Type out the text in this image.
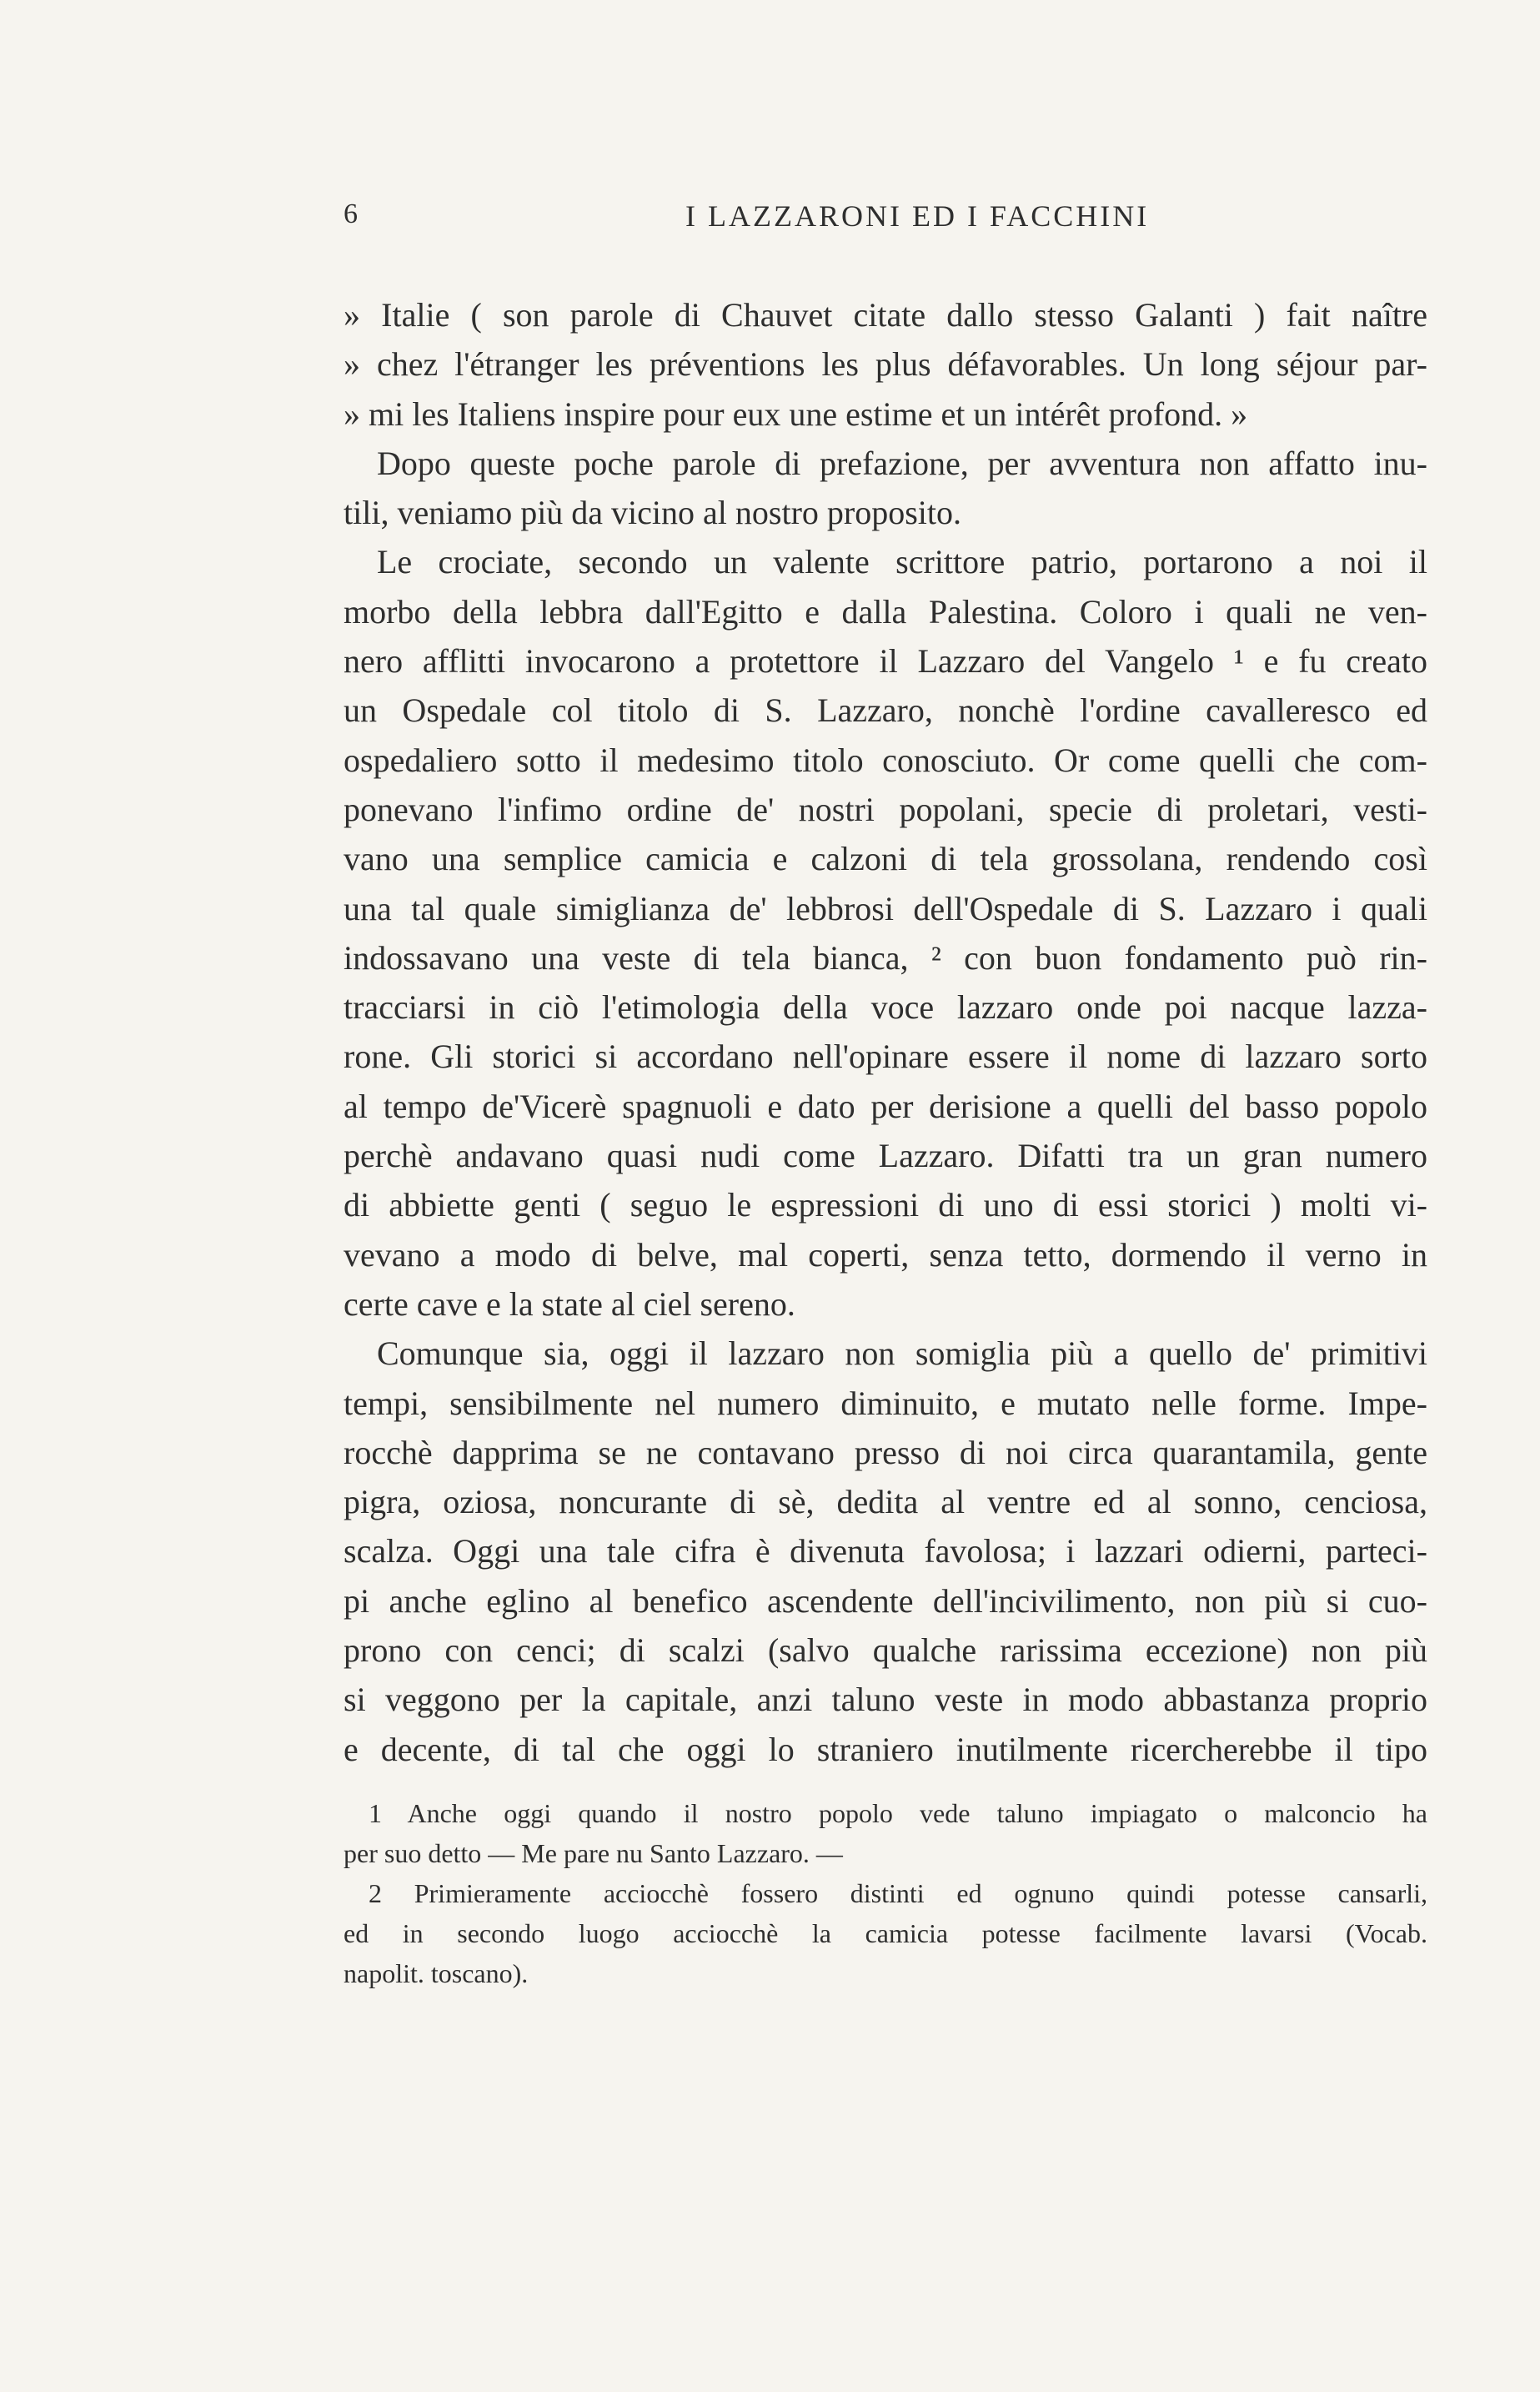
6	I LAZZARONI ED I FACCHINI
» Italie ( son parole di Chauvet citate dallo stesso Galanti ) fait naître
» chez l'étranger les préventions les plus défavorables. Un long séjour par-
» mi les Italiens inspire pour eux une estime et un intérêt profond. »
Dopo queste poche parole di prefazione, per avventura non affatto inu-
tili, veniamo più da vicino al nostro proposito.
Le crociate, secondo un valente scrittore patrio, portarono a noi il
morbo della lebbra dall'Egitto e dalla Palestina. Coloro i quali ne ven-
nero afflitti invocarono a protettore il Lazzaro del Vangelo ¹ e fu creato
un Ospedale col titolo di S. Lazzaro, nonchè l'ordine cavalleresco ed
ospedaliero sotto il medesimo titolo conosciuto. Or come quelli che com-
ponevano l'infimo ordine de' nostri popolani, specie di proletari, vesti-
vano una semplice camicia e calzoni di tela grossolana, rendendo così
una tal quale simiglianza de' lebbrosi dell'Ospedale di S. Lazzaro i quali
indossavano una veste di tela bianca, ² con buon fondamento può rin-
tracciarsi in ciò l'etimologia della voce lazzaro onde poi nacque lazza-
rone. Gli storici si accordano nell'opinare essere il nome di lazzaro sorto
al tempo de'Vicerè spagnuoli e dato per derisione a quelli del basso popolo
perchè andavano quasi nudi come Lazzaro. Difatti tra un gran numero
di abbiette genti ( seguo le espressioni di uno di essi storici ) molti vi-
vevano a modo di belve, mal coperti, senza tetto, dormendo il verno in
certe cave e la state al ciel sereno.
Comunque sia, oggi il lazzaro non somiglia più a quello de' primitivi
tempi, sensibilmente nel numero diminuito, e mutato nelle forme. Impe-
rocchè dapprima se ne contavano presso di noi circa quarantamila, gente
pigra, oziosa, noncurante di sè, dedita al ventre ed al sonno, cenciosa,
scalza. Oggi una tale cifra è divenuta favolosa; i lazzari odierni, parteci-
pi anche eglino al benefico ascendente dell'incivilimento, non più si cuo-
prono con cenci; di scalzi (salvo qualche rarissima eccezione) non più
si veggono per la capitale, anzi taluno veste in modo abbastanza proprio
e decente, di tal che oggi lo straniero inutilmente ricercherebbe il tipo
1 Anche oggi quando il nostro popolo vede taluno impiagato o malconcio ha
per suo detto — Me pare nu Santo Lazzaro. —
2 Primieramente acciocchè fossero distinti ed ognuno quindi potesse cansarli,
ed in secondo luogo acciocchè la camicia potesse facilmente lavarsi (Vocab.
napolit. toscano).
